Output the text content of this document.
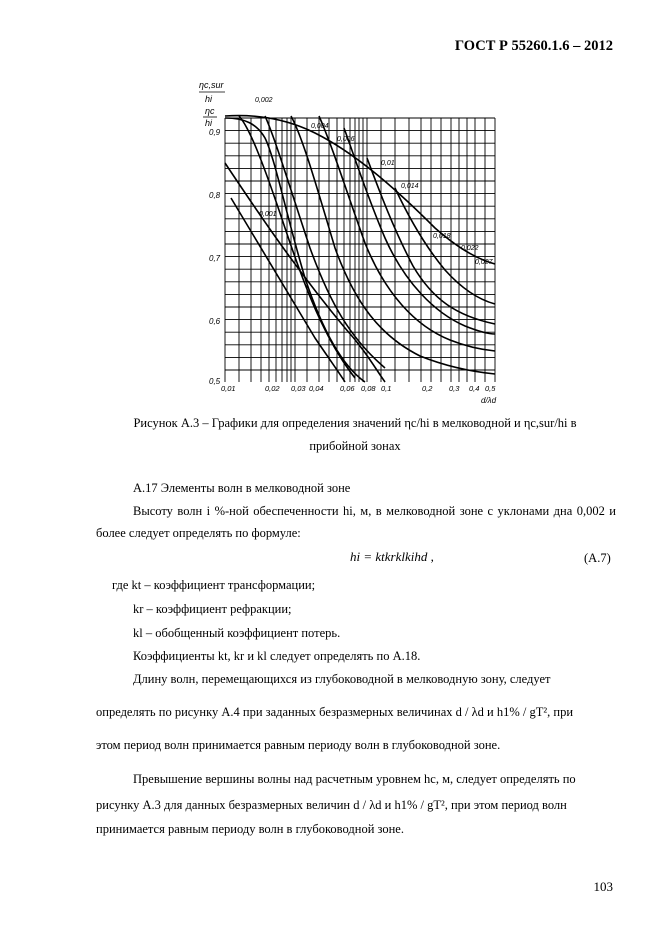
ГОСТ Р 55260.1.6 – 2012
ηc,sur
hi
ηc
hi
0,9
0,8
0,7
0,6
0,5
0,01	0,02 0,03 0,04 0,06 0,08 0,1	0,2 0,3 0,4 0,5
d/λd
0,002
0,004
0,006
0,01
0,014
0,018
0,022
0,027
0,001
Рисунок А.3 – Графики для определения значений ηc/hi в мелководной и ηc,sur/hi в
прибойной зонах
А.17 Элементы волн в мелководной зоне
Высоту волн i %-ной обеспеченности hi, м, в мелководной зоне с уклонами дна 0,002 и более следует определять по формуле:
hi = ktkrklkihd ,	(А.7)
где kt – коэффициент трансформации;
kr – коэффициент рефракции;
kl – обобщенный коэффициент потерь.
Коэффициенты kt, kr и kl следует определять по А.18.
Длину волн, перемещающихся из глубоководной в мелководную зону, следует
определять по рисунку А.4 при заданных безразмерных величинах d / λd и h1% / gT², при
этом период волн принимается равным периоду волн в глубоководной зоне.
Превышение вершины волны над расчетным уровнем hc, м, следует определять по
рисунку А.3 для данных безразмерных величин d / λd и h1% / gT², при этом период волн
принимается равным периоду волн в глубоководной зоне.
103
